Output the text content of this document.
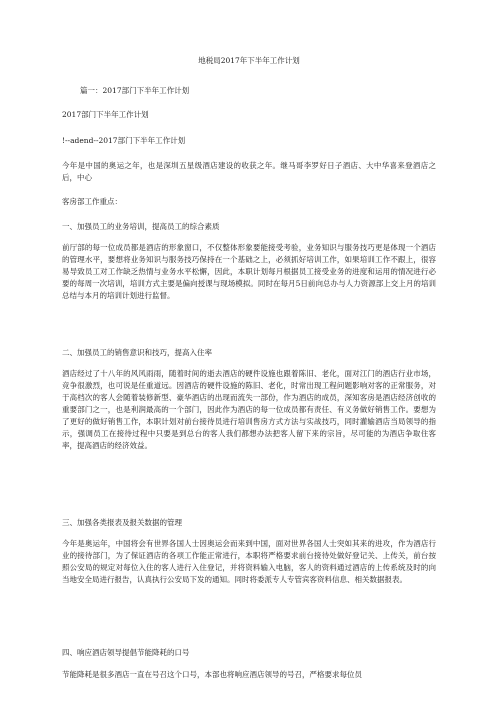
地税局2017年下半年工作计划
篇一：2017部门下半年工作计划
2017部门下半年工作计划
!--adend--2017部门下半年工作计划
今年是中国的奥运之年，也是深圳五星级酒店建设的收获之年。继马哥李罗好日子酒店、大中华喜来登酒店之后，中心
客房部工作重点：
一、加强员工的业务培训，提高员工的综合素质
前厅部的每一位成员都是酒店的形象窗口，不仅整体形象要能接受考验，业务知识与服务技巧更是体现一个酒店的管理水平，要想将业务知识与服务技巧保持在一个基础之上，必须抓好培训工作，如果培训工作不跟上，很容易导致员工对工作缺乏热情与业务水平松懈，因此，本职计划每月根据员工接受业务的进度和运用的情况进行必要的每周一次培训，培训方式主要是偏向授课与现场模拟。同时在每月5日前向总办与人力资源部上交上月的培训总结与本月的培训计划进行监督。
二、加强员工的销售意识和技巧，提高入住率
酒店经过了十八年的风风雨雨，随着时间的逝去酒店的硬件设施也跟着陈旧、老化，面对江门的酒店行业市场，竞争很激烈，也可说是任重道远。因酒店的硬件设施的陈旧、老化，时常出现工程问题影响对客的正常服务，对于高档次的客人会随着装修新型、豪华酒店的出现而流失一部份，作为酒店的成员，深知客房是酒店经济创收的重要部门之一，也是利润最高的一个部门，因此作为酒店的每一位成员都有责任、有义务做好销售工作。要想为了更好的做好销售工作，本职计划对前台接待员进行培训售房方式方法与实战技巧，同时灌输酒店当局领导的指示，强调员工在接待过程中只要是到总台的客人我们都想办法把客人留下来的宗旨，尽可能的为酒店争取住客率，提高酒店的经济效益。
三、加强各类报表及报关数据的管理
今年是奥运年，中国将会有世界各国人士因奥运会而来到中国，面对世界各国人士突如其来的进攻，作为酒店行业的接待部门，为了保证酒店的各项工作能正常进行，本职将严格要求前台接待处做好登记关、上传关，前台按照公安局的规定对每位入住的客人进行入住登记，并将资料输入电脑，客人的资料通过酒店的上传系统及时的向当地安全局进行报告，认真执行公安局下发的通知。同时将委派专人专管宾客资料信息、相关数据报表。
四、响应酒店领导提倡节能降耗的口号
节能降耗是很多酒店一直在号召这个口号，本部也将响应酒店领导的号召，严格要求每位员
